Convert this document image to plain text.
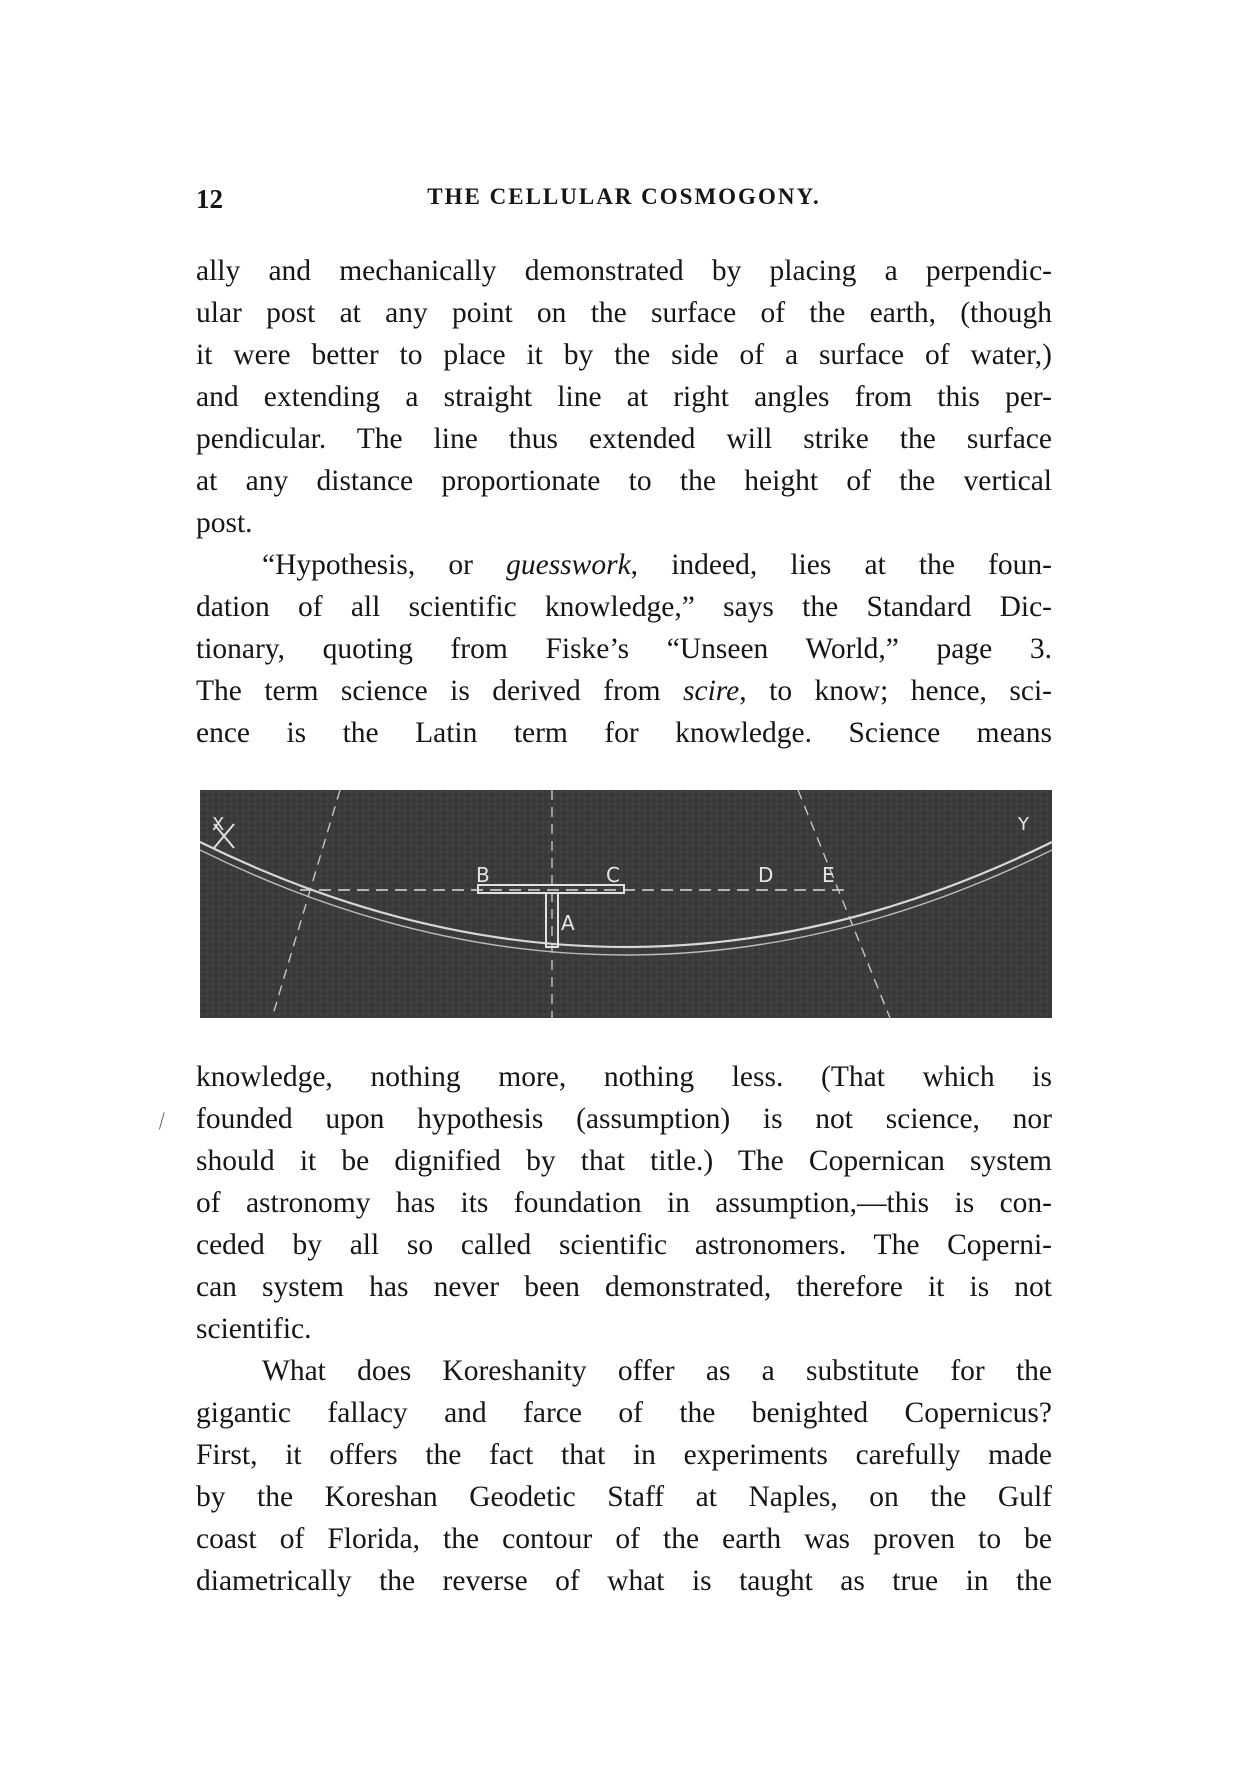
12	THE CELLULAR COSMOGONY.
ally and mechanically demonstrated by placing a perpendic-
ular post at any point on the surface of the earth, (though
it were better to place it by the side of a surface of water,)
and extending a straight line at right angles from this per-
pendicular. The line thus extended will strike the surface
at any distance proportionate to the height of the vertical
post.
“Hypothesis, or guesswork, indeed, lies at the foun-
dation of all scientific knowledge,” says the Standard Dic-
tionary, quoting from Fiske’s “Unseen World,” page 3.
The term science is derived from scire, to know; hence, sci-
ence is the Latin term for knowledge. Science means
X	Y
A
B	C	D E
⁄
knowledge, nothing more, nothing less. (That which is
founded upon hypothesis (assumption) is not science, nor
should it be dignified by that title.) The Copernican system
of astronomy has its foundation in assumption,—this is con-
ceded by all so called scientific astronomers. The Coperni-
can system has never been demonstrated, therefore it is not
scientific.
What does Koreshanity offer as a substitute for the
gigantic fallacy and farce of the benighted Copernicus?
First, it offers the fact that in experiments carefully made
by the Koreshan Geodetic Staff at Naples, on the Gulf
coast of Florida, the contour of the earth was proven to be
diametrically the reverse of what is taught as true in the
